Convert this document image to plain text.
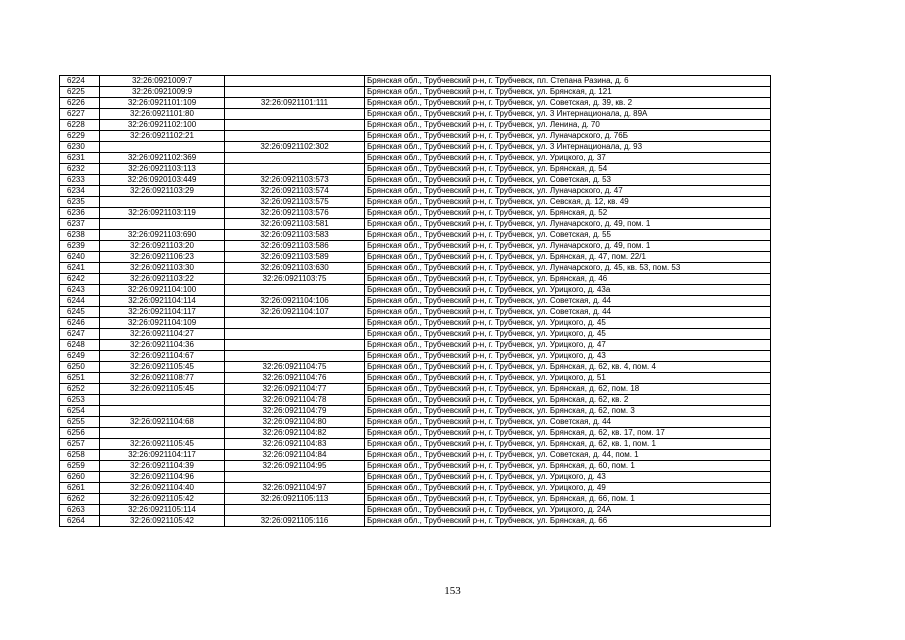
6224	32:26:0921009:7		Брянская обл., Трубчевский р-н, г. Трубчевск, пл. Степана Разина, д. 6
6225	32:26:0921009:9		Брянская обл., Трубчевский р-н, г. Трубчевск, ул. Брянская, д. 121
6226	32:26:0921101:109	32:26:0921101:111	Брянская обл., Трубчевский р-н, г. Трубчевск, ул. Советская, д. 39, кв. 2
6227	32:26:0921101:80		Брянская обл., Трубчевский р-н, г. Трубчевск, ул. 3 Интернационала, д. 89А
6228	32:26:0921102:100		Брянская обл., Трубчевский р-н, г. Трубчевск, ул. Ленина, д. 70
6229	32:26:0921102:21		Брянская обл., Трубчевский р-н, г. Трубчевск, ул. Луначарского, д. 76Б
6230		32:26:0921102:302	Брянская обл., Трубчевский р-н, г. Трубчевск, ул. 3 Интернационала, д. 93
6231	32:26:0921102:369		Брянская обл., Трубчевский р-н, г. Трубчевск, ул. Урицкого, д. 37
6232	32:26:0921103:113		Брянская обл., Трубчевский р-н, г. Трубчевск, ул. Брянская, д. 54
6233	32:26:0920103:449	32:26:0921103:573	Брянская обл., Трубчевский р-н, г. Трубчевск, ул. Советская, д. 53
6234	32:26:0921103:29	32:26:0921103:574	Брянская обл., Трубчевский р-н, г. Трубчевск, ул. Луначарского, д. 47
6235		32:26:0921103:575	Брянская обл., Трубчевский р-н, г. Трубчевск, ул. Севская, д. 12, кв. 49
6236	32:26:0921103:119	32:26:0921103:576	Брянская обл., Трубчевский р-н, г. Трубчевск, ул. Брянская, д. 52
6237		32:26:0921103:581	Брянская обл., Трубчевский р-н, г. Трубчевск, ул. Луначарского, д. 49, пом. 1
6238	32:26:0921103:690	32:26:0921103:583	Брянская обл., Трубчевский р-н, г. Трубчевск, ул. Советская, д. 55
6239	32:26:0921103:20	32:26:0921103:586	Брянская обл., Трубчевский р-н, г. Трубчевск, ул. Луначарского, д. 49, пом. 1
6240	32:26:0921106:23	32:26:0921103:589	Брянская обл., Трубчевский р-н, г. Трубчевск, ул. Брянская, д. 47, пом. 22/1
6241	32:26:0921103:30	32:26:0921103:630	Брянская обл., Трубчевский р-н, г. Трубчевск, ул. Луначарского, д. 45, кв. 53, пом. 53
6242	32:26:0921103:22	32:26:0921103:75	Брянская обл., Трубчевский р-н, г. Трубчевск, ул. Брянская, д. 46
6243	32:26:0921104:100		Брянская обл., Трубчевский р-н, г. Трубчевск, ул. Урицкого, д. 43а
6244	32:26:0921104:114	32:26:0921104:106	Брянская обл., Трубчевский р-н, г. Трубчевск, ул. Советская, д. 44
6245	32:26:0921104:117	32:26:0921104:107	Брянская обл., Трубчевский р-н, г. Трубчевск, ул. Советская, д. 44
6246	32:26:0921104:109		Брянская обл., Трубчевский р-н, г. Трубчевск, ул. Урицкого, д. 45
6247	32:26:0921104:27		Брянская обл., Трубчевский р-н, г. Трубчевск, ул. Урицкого, д. 45
6248	32:26:0921104:36		Брянская обл., Трубчевский р-н, г. Трубчевск, ул. Урицкого, д. 47
6249	32:26:0921104:67		Брянская обл., Трубчевский р-н, г. Трубчевск, ул. Урицкого, д. 43
6250	32:26:0921105:45	32:26:0921104:75	Брянская обл., Трубчевский р-н, г. Трубчевск, ул. Брянская, д. 62, кв. 4, пом. 4
6251	32:26:0921108:77	32:26:0921104:76	Брянская обл., Трубчевский р-н, г. Трубчевск, ул. Урицкого, д. 51
6252	32:26:0921105:45	32:26:0921104:77	Брянская обл., Трубчевский р-н, г. Трубчевск, ул. Брянская, д. 62, пом. 18
6253		32:26:0921104:78	Брянская обл., Трубчевский р-н, г. Трубчевск, ул. Брянская, д. 62, кв. 2
6254		32:26:0921104:79	Брянская обл., Трубчевский р-н, г. Трубчевск, ул. Брянская, д. 62, пом. 3
6255	32:26:0921104:68	32:26:0921104:80	Брянская обл., Трубчевский р-н, г. Трубчевск, ул. Советская, д. 44
6256		32:26:0921104:82	Брянская обл., Трубчевский р-н, г. Трубчевск, ул. Брянская, д. 62, кв. 17, пом. 17
6257	32:26:0921105:45	32:26:0921104:83	Брянская обл., Трубчевский р-н, г. Трубчевск, ул. Брянская, д. 62, кв. 1, пом. 1
6258	32:26:0921104:117	32:26:0921104:84	Брянская обл., Трубчевский р-н, г. Трубчевск, ул. Советская, д. 44, пом. 1
6259	32:26:0921104:39	32:26:0921104:95	Брянская обл., Трубчевский р-н, г. Трубчевск, ул. Брянская, д. 60, пом. 1
6260	32:26:0921104:96		Брянская обл., Трубчевский р-н, г. Трубчевск, ул. Урицкого, д. 43
6261	32:26:0921104:40	32:26:0921104:97	Брянская обл., Трубчевский р-н, г. Трубчевск, ул. Урицкого, д. 49
6262	32:26:0921105:42	32:26:0921105:113	Брянская обл., Трубчевский р-н, г. Трубчевск, ул. Брянская, д. 66, пом. 1
6263	32:26:0921105:114		Брянская обл., Трубчевский р-н, г. Трубчевск, ул. Урицкого, д. 24А
6264	32:26:0921105:42	32:26:0921105:116	Брянская обл., Трубчевский р-н, г. Трубчевск, ул. Брянская, д. 66
153
